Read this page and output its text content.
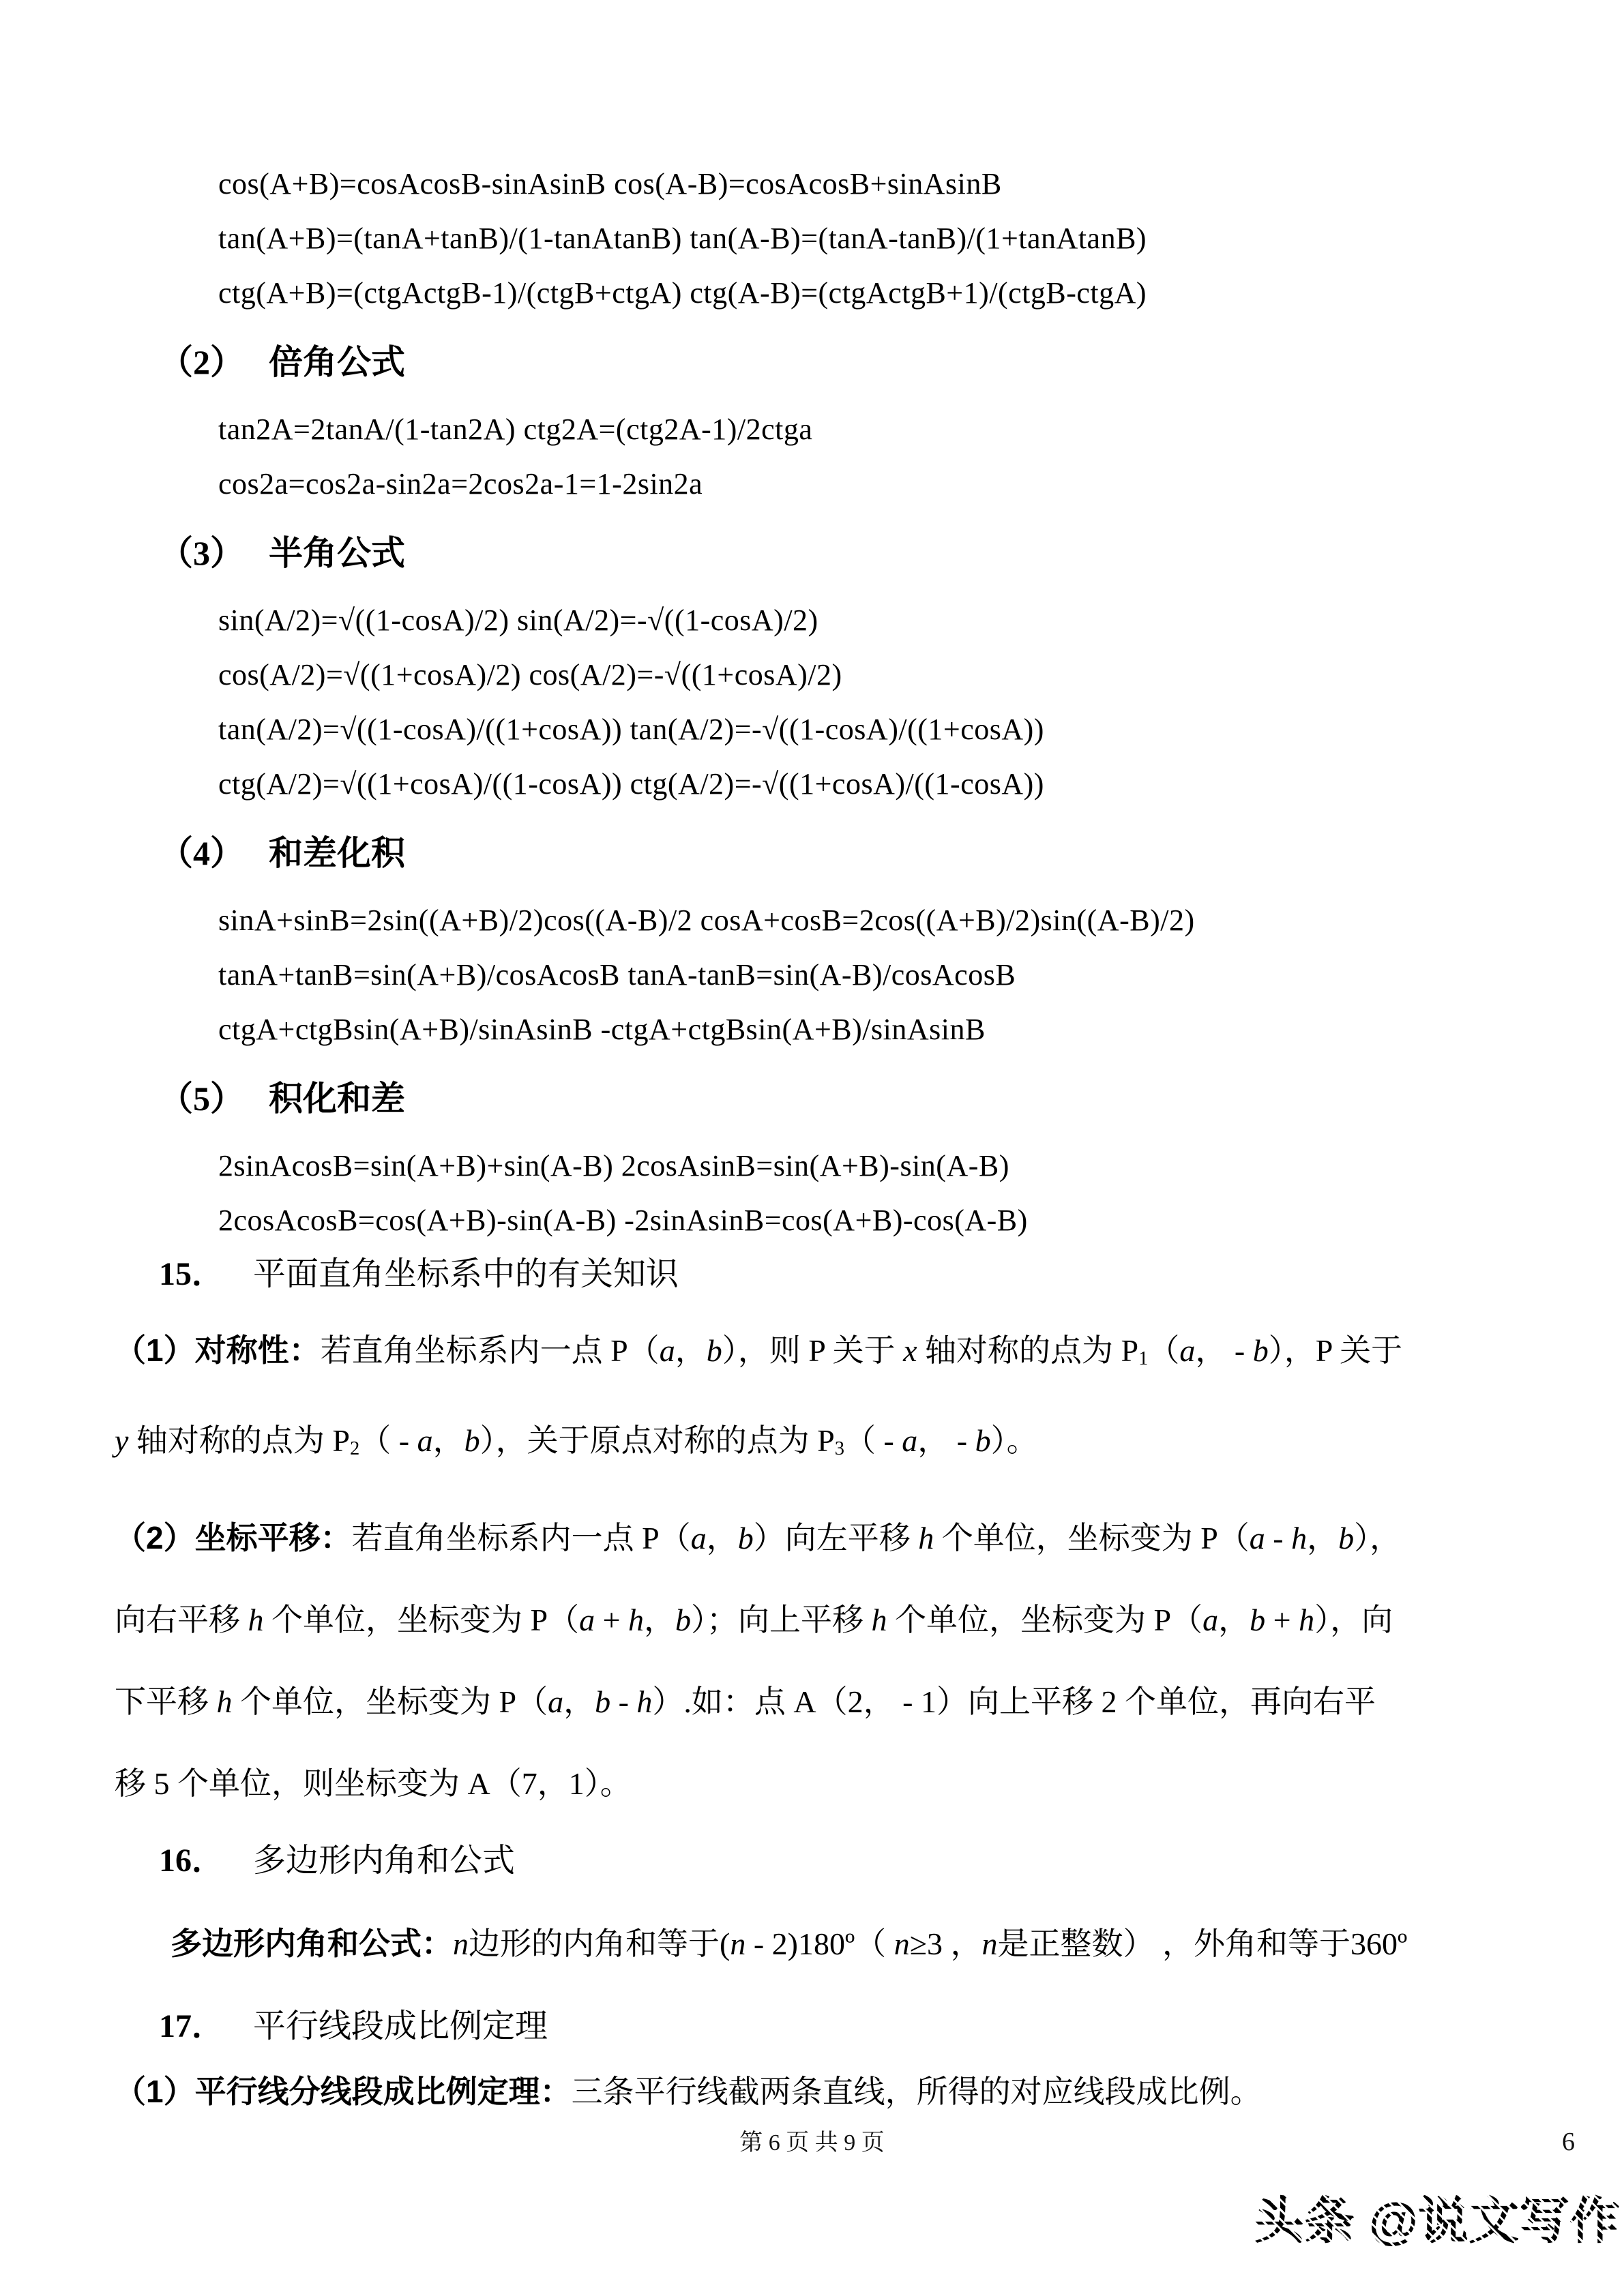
cos(A+B)=cosAcosB-sinAsinB cos(A-B)=cosAcosB+sinAsinB
tan(A+B)=(tanA+tanB)/(1-tanAtanB) tan(A-B)=(tanA-tanB)/(1+tanAtanB)
ctg(A+B)=(ctgActgB-1)/(ctgB+ctgA) ctg(A-B)=(ctgActgB+1)/(ctgB-ctgA)
（2） 倍角公式
tan2A=2tanA/(1-tan2A) ctg2A=(ctg2A-1)/2ctga
cos2a=cos2a-sin2a=2cos2a-1=1-2sin2a
（3） 半角公式
sin(A/2)=√((1-cosA)/2) sin(A/2)=-√((1-cosA)/2)
cos(A/2)=√((1+cosA)/2) cos(A/2)=-√((1+cosA)/2)
tan(A/2)=√((1-cosA)/((1+cosA)) tan(A/2)=-√((1-cosA)/((1+cosA))
ctg(A/2)=√((1+cosA)/((1-cosA)) ctg(A/2)=-√((1+cosA)/((1-cosA))
（4） 和差化积
sinA+sinB=2sin((A+B)/2)cos((A-B)/2 cosA+cosB=2cos((A+B)/2)sin((A-B)/2)
tanA+tanB=sin(A+B)/cosAcosB tanA-tanB=sin(A-B)/cosAcosB
ctgA+ctgBsin(A+B)/sinAsinB -ctgA+ctgBsin(A+B)/sinAsinB
（5） 积化和差
2sinAcosB=sin(A+B)+sin(A-B) 2cosAsinB=sin(A+B)-sin(A-B)
2cosAcosB=cos(A+B)-sin(A-B) -2sinAsinB=cos(A+B)-cos(A-B)
15． 平面直角坐标系中的有关知识
（1）对称性：若直角坐标系内一点 P（a，b），则 P 关于 x 轴对称的点为 $P_1(a$， - b），P 关于
y 轴对称的点为 $P_2$（ - a，b），关于原点对称的点为 $P_3$（ - a， - b）。
（2）坐标平移：若直角坐标系内一点 P（a，b）向左平移 h 个单位，坐标变为 P（a - h，b），
向右平移 h 个单位，坐标变为 P（a + h，b）；向上平移 h 个单位，坐标变为 P（a，b + h），向
下平移 h 个单位，坐标变为 P（a，b - h）.如：点 A（2， - 1）向上平移 2 个单位，再向右平
移 5 个单位，则坐标变为 A（7，1）。
16． 多边形内角和公式
多边形内角和公式：n边形的内角和等于(n - 2)180º（ n≥3 ，n是正整数） ，外角和等于360º
17． 平行线段成比例定理
（1）平行线分线段成比例定理：三条平行线截两条直线，所得的对应线段成比例。
第 6 页 共 9 页	6
头条 @说文写作
